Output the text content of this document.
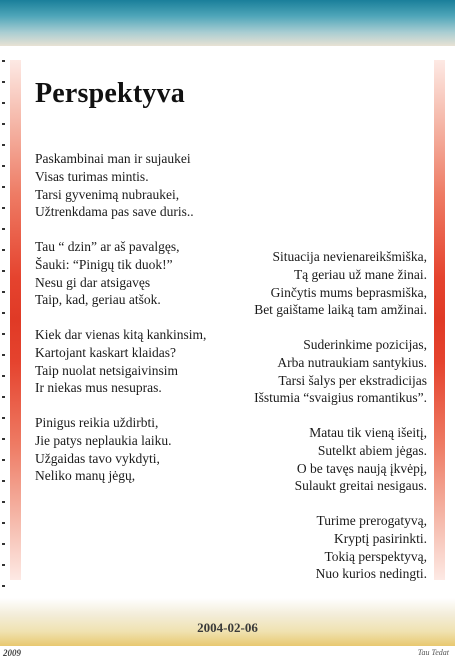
Perspektyva
Paskambinai man ir sujaukei
Visas turimas mintis.
Tarsi gyvenimą nubraukei,
Užtrenkdama pas save duris..
Tau “ dzin” ar aš pavalgęs,
Šauki: “Pinigų tik duok!”
Nesu gi dar atsigavęs
Taip, kad, geriau atšok.
Kiek dar vienas kitą kankinsim,
Kartojant kaskart klaidas?
Taip nuolat netsigaivinsim
Ir niekas mus nesupras.
Pinigus reikia uždirbti,
Jie patys neplaukia laiku.
Užgaidas tavo vykdyti,
Neliko manų jėgų,
Situacija nevienareikšmiška,
Tą geriau už mane žinai.
Ginčytis mums beprasmiška,
Bet gaištame laiką tam amžinai.
Suderinkime pozicijas,
Arba nutraukiam santykius.
Tarsi šalys per ekstradicijas
Išstumia “svaigius romantikus”.
Matau tik vieną išeitį,
Sutelkt abiem jėgas.
O be tavęs naują įkvėpį,
Sulaukt greitai nesigaus.
Turime prerogatyvą,
Kryptį pasirinkti.
Tokią perspektyvą,
Nuo kurios nedingti.
2004-02-06
2009	Tau Tedat
